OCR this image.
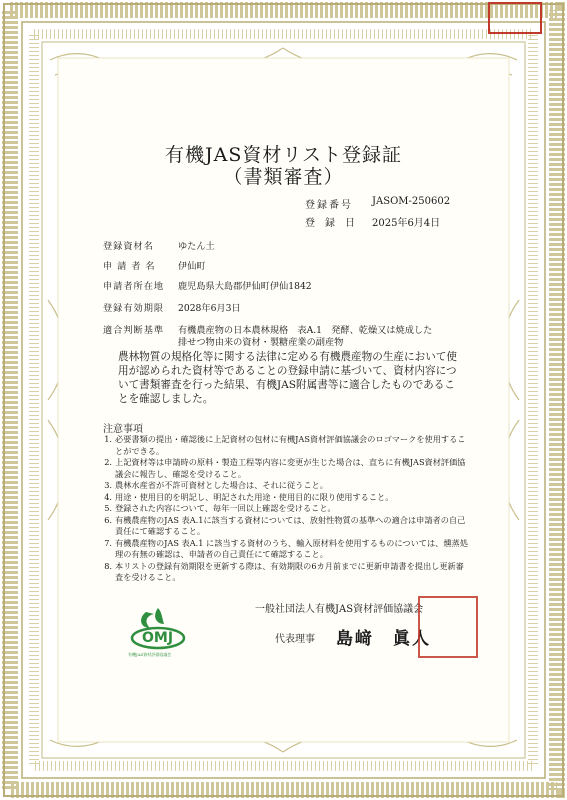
有機JAS資材リスト登録証
（書類審査）
登録番号 JASOM-250602
登　録　日 2025年6月4日
登録資材名	ゆたん土
申 請 者 名 伊仙町
申請者所在地 鹿児島県大島郡伊仙町伊仙1842
登録有効期限 2028年6月3日
適合判断基準 有機農産物の日本農林規格　表A.1　発酵、乾燥又は焼成した
排せつ物由来の資材・製糖産業の副産物
農林物質の規格化等に関する法律に定める有機農産物の生産において使用が認められた資材等であることの登録申請に基づいて、資材内容について書類審査を行った結果、有機JAS附属書等に適合したものであることを確認しました。
注意事項
1. 必要書類の提出・確認後に上記資材の包材に有機JAS資材評価協議会のロゴマークを使用することができる。
2. 上記資材等は申請時の原料・製造工程等内容に変更が生じた場合は、直ちに有機JAS資材評価協議会に報告し、確認を受けること。
3. 農林水産省が不許可資材とした場合は、それに従うこと。
4. 用途・使用目的を明記し、明記された用途・使用目的に限り使用すること。
5. 登録された内容について、毎年一回以上確認を受けること。
6. 有機農産物のJAS 表A.1に該当する資材については、放射性物質の基準への適合は申請者の自己責任にて確認すること。
7. 有機農産物のJAS 表A.1 に該当する資材のうち、輸入原材料を使用するものについては、燻蒸処理の有無の確認は、申請者の自己責任にて確認すること。
8. 本リストの登録有効期限を更新する際は、有効期限の6カ月前までに更新申請書を提出し更新審査を受けること。
OMJ
有機JAS資材評価協議会
一般社団法人有機JAS資材評価協議会
代表理事 島﨑　眞人
